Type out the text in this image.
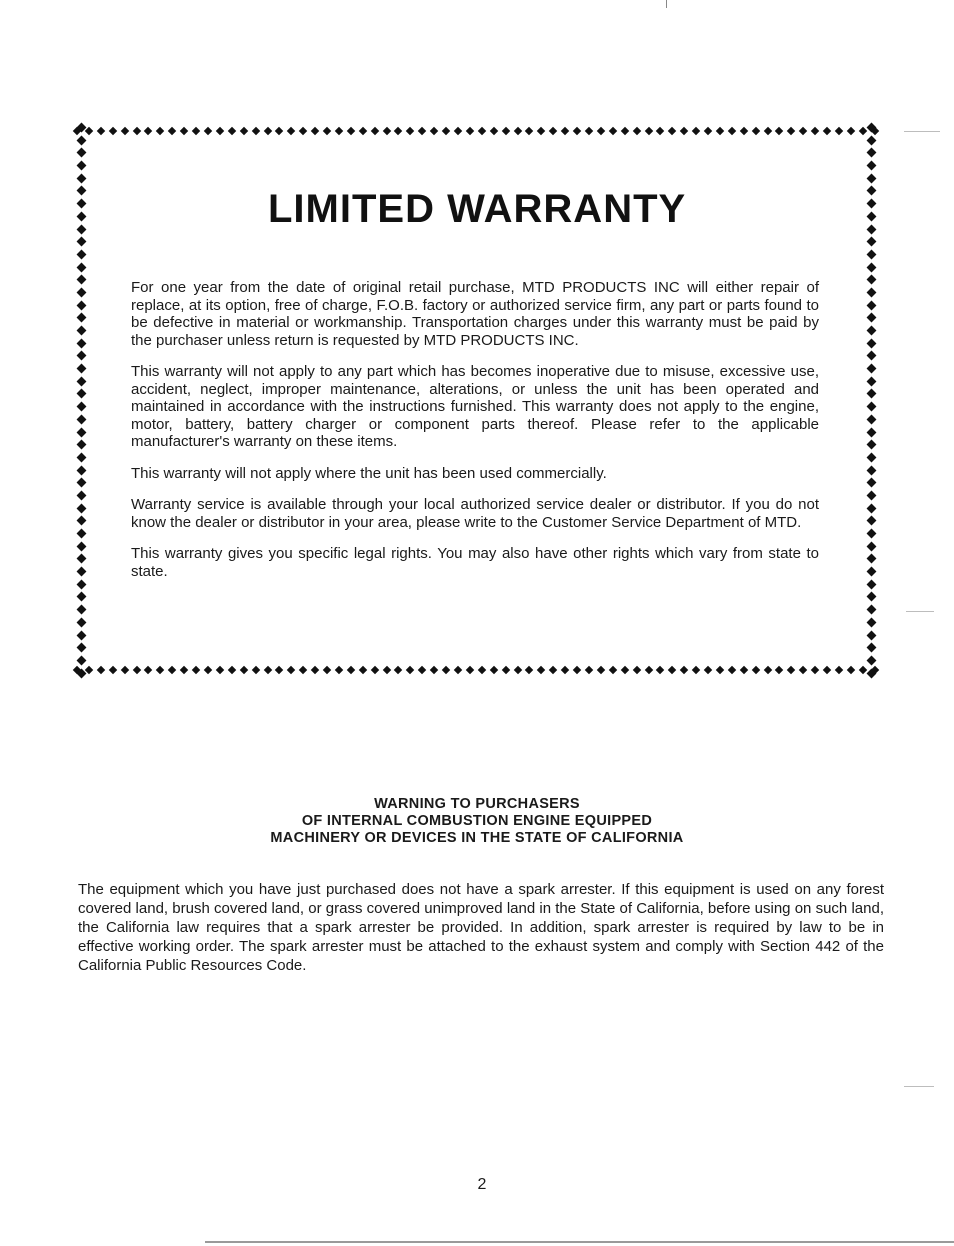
LIMITED WARRANTY

For one year from the date of original retail purchase, MTD PRODUCTS INC will either repair of replace, at its option, free of charge, F.O.B. factory or authorized service firm, any part or parts found to be defective in material or workmanship. Transportation charges under this warranty must be paid by the purchaser unless return is requested by MTD PRODUCTS INC.

This warranty will not apply to any part which has becomes inoperative due to misuse, excessive use, accident, neglect, improper maintenance, alterations, or unless the unit has been operated and maintained in accordance with the instructions furnished. This warranty does not apply to the engine, motor, battery, battery charger or component parts thereof. Please refer to the applicable manufacturer's warranty on these items.

This warranty will not apply where the unit has been used commercially.

Warranty service is available through your local authorized service dealer or distributor. If you do not know the dealer or distributor in your area, please write to the Customer Service Department of MTD.

This warranty gives you specific legal rights. You may also have other rights which vary from state to state.

WARNING TO PURCHASERS
OF INTERNAL COMBUSTION ENGINE EQUIPPED
MACHINERY OR DEVICES IN THE STATE OF CALIFORNIA

The equipment which you have just purchased does not have a spark arrester. If this equipment is used on any forest covered land, brush covered land, or grass covered unimproved land in the State of California, before using on such land, the California law requires that a spark arrester be provided. In addition, spark arrester is required by law to be in effective working order. The spark arrester must be attached to the exhaust system and comply with Section 442 of the California Public Resources Code.

2
